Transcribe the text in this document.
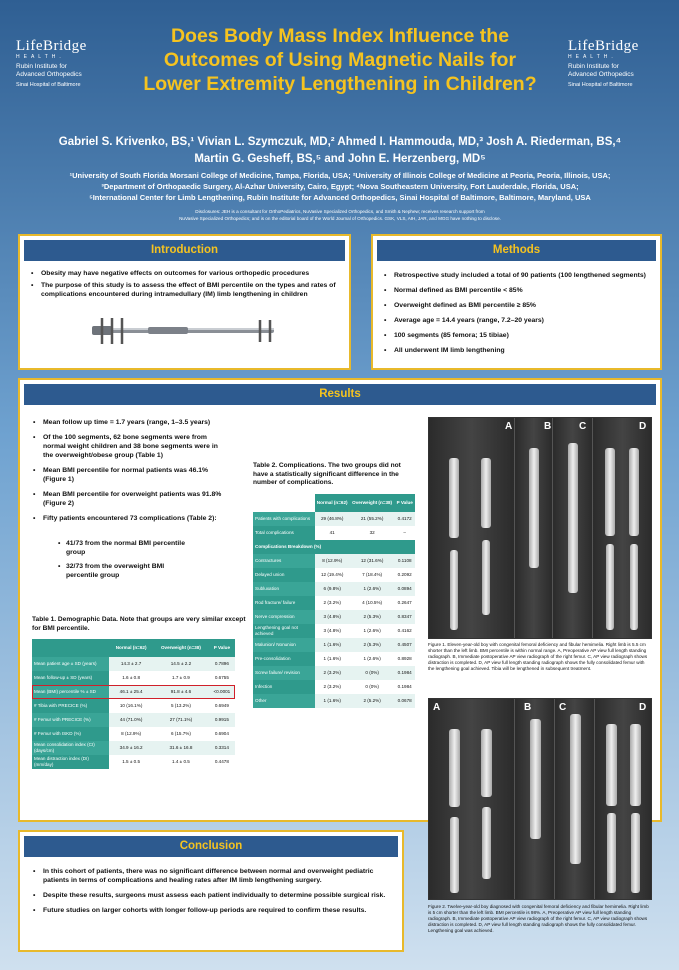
LifeBridge
HEALTH.
Rubin Institute for
Advanced Orthopedics
Sinai Hospital of Baltimore
LifeBridge
HEALTH.
Rubin Institute for
Advanced Orthopedics
Sinai Hospital of Baltimore
Does Body Mass Index Influence the
Outcomes of Using Magnetic Nails for
Lower Extremity Lengthening in Children?
Gabriel S. Krivenko, BS,¹ Vivian L. Szymczuk, MD,² Ahmed I. Hammouda, MD,³ Josh A. Riederman, BS,⁴
Martin G. Gesheff, BS,⁵ and John E. Herzenberg, MD⁵
¹University of South Florida Morsani College of Medicine, Tampa, Florida, USA; ²University of Illinois College of Medicine at Peoria, Peoria, Illinois, USA;
³Department of Orthopaedic Surgery, Al-Azhar University, Cairo, Egypt; ⁴Nova Southeastern University, Fort Lauderdale, Florida, USA;
⁵International Center for Limb Lengthening, Rubin Institute for Advanced Orthopedics, Sinai Hospital of Baltimore, Baltimore, Maryland, USA
Disclosures: JEH is a consultant for OrthoPediatrics, NuVasive Specialized Orthopedics, and Smith & Nephew; receives research support from
NuVasive Specialized Orthopedics; and is on the editorial board of the World Journal of Orthopedics. GSK, VLS, AIH, JAR, and MGG have nothing to disclose.
Introduction
• Obesity may have negative effects on outcomes for various orthopedic procedures
• The purpose of this study is to assess the effect of BMI percentile on the types and rates of complications encountered during intramedullary (IM) limb lengthening in children
Methods
• Retrospective study included a total of 90 patients (100 lengthened segments)
• Normal defined as BMI percentile < 85%
• Overweight defined as BMI percentile ≥ 85%
• Average age = 14.4 years (range, 7.2–20 years)
• 100 segments (85 femora; 15 tibiae)
• All underwent IM limb lengthening
Results
• Mean follow up time = 1.7 years (range, 1–3.5 years)
• Of the 100 segments, 62 bone segments were from normal weight children and 38 bone segments were in the overweight/obese group (Table 1)
• Mean BMI percentile for normal patients was 46.1% (Figure 1)
• Mean BMI percentile for overweight patients was 91.8% (Figure 2)
• Fifty patients encountered 73 complications (Table 2):
• 41/73 from the normal BMI percentile group
• 32/73 from the overweight BMI percentile group
Table 1. Demographic Data. Note that groups are very similar except for BMI percentile.
	Normal (n=62)	Overweight (n=38)	P Value
Mean patient age ± SD (years)	14.3 ± 2.7	14.5 ± 2.2	0.7896
Mean follow-up ± SD (years)	1.6 ± 0.8	1.7 ± 0.9	0.6755
Mean (BMI) percentile % ± SD	46.1 ± 25.4	91.8 ± 4.6	<0.0001
# Tibia with PRECICE (%)	10 (16.1%)	5 (13.2%)	0.6949
# Femur with PRECICE (%)	44 (71.0%)	27 (71.1%)	0.9915
# Femur with ISKD (%)	8 (12.9%)	6 (15.7%)	0.6904
Mean consolidation index (CI) (days/cm)	34.9 ± 16.2	31.6 ± 16.8	0.3314
Mean distraction index (DI) (mm/day)	1.5 ± 0.5	1.4 ± 0.5	0.4478
Table 2. Complications. The two groups did not have a statistically significant difference in the number of complications.
	Normal (n=62)	Overweight (n=38)	P Value
Patients with complications	29 (46.8%)	21 (55.2%)	0.4172
Total complications	41	32	–
Complications Breakdown (%)			
Contractures	8 (12.9%)	12 (31.6%)	0.1108
Delayed union	12 (19.4%)	7 (18.4%)	0.2092
Subluxation	6 (9.8%)	1 (2.6%)	0.0894
Rod fracture/ failure	2 (3.2%)	4 (10.5%)	0.2647
Nerve compression	3 (4.8%)	2 (5.3%)	0.8347
Lengthening goal not achieved	3 (4.8%)	1 (2.6%)	0.4162
Malunion/ Nonunion	1 (1.6%)	2 (5.3%)	0.4507
Pre-consolidation	1 (1.6%)	1 (2.6%)	0.8928
Screw failure/ revision	2 (3.2%)	0 (0%)	0.1984
Infection	2 (3.2%)	0 (0%)	0.1984
Other	1 (1.6%)	2 (5.2%)	0.0678
A	B	C	D
Figure 1. Eleven-year-old boy with congenital femoral deficiency and fibular hemimelia. Right limb is 5.5 cm shorter than the left limb. BMI percentile is within normal range. A, Preoperative AP view full length standing radiograph. B, Immediate postoperative AP view radiograph of the right femur. C, AP view radiograph shows distraction is completed. D, AP view full length standing radiograph shows the fully consolidated femur with the lengthening goal achieved. Tibia will be lengthened in subsequent treatment.
A	B	C	D
Figure 2. Twelve-year-old boy diagnosed with congenital femoral deficiency and fibular hemimelia. Right limb is 5 cm shorter than the left limb. BMI percentile is 98%. A, Preoperative AP view full length standing radiograph. B, Immediate postoperative AP view radiograph of the right femur. C, AP view radiograph shows distraction is completed. D, AP view full length standing radiograph shows the fully consolidated femur. Lengthening goal was achieved.
Conclusion
• In this cohort of patients, there was no significant difference between normal and overweight pediatric patients in terms of complications and healing rates after IM limb lengthening surgery.
• Despite these results, surgeons must assess each patient individually to determine possible surgical risk.
• Future studies on larger cohorts with longer follow-up periods are required to confirm these results.
